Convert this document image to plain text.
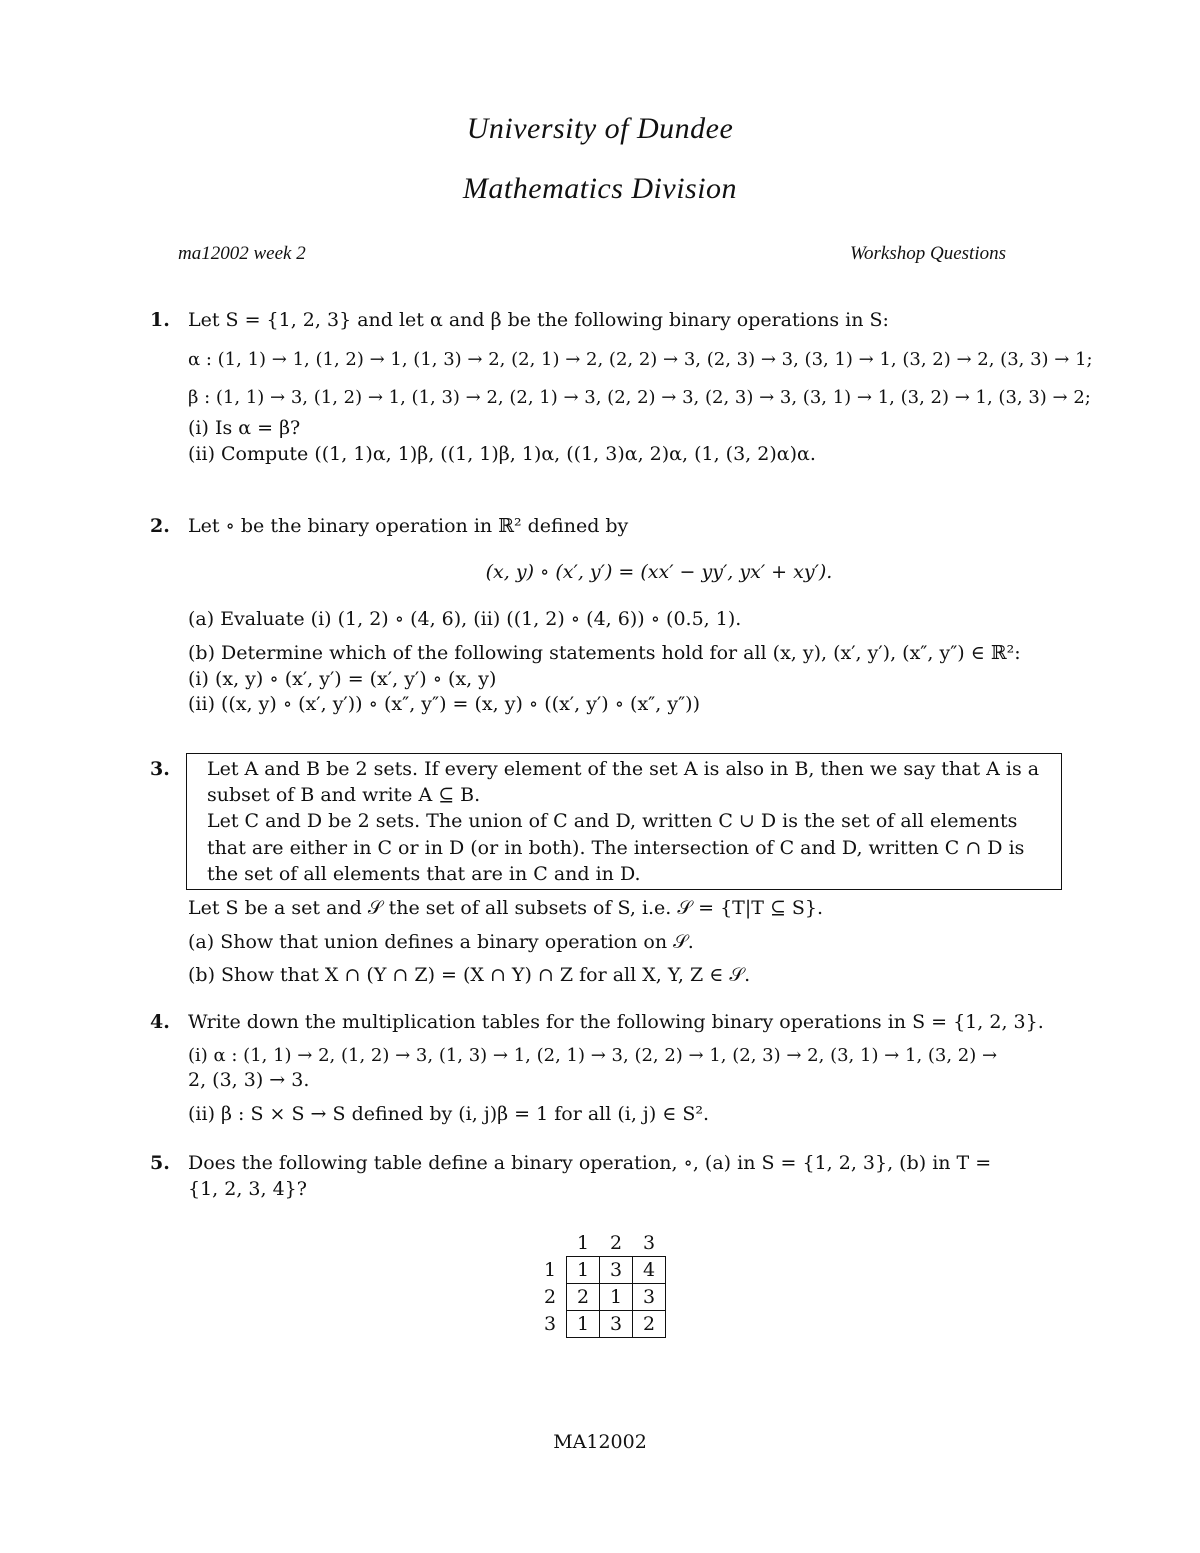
University of Dundee
Mathematics Division
ma12002 week 2	Workshop Questions
1. Let S = {1, 2, 3} and let α and β be the following binary operations in S:
α : (1, 1) → 1, (1, 2) → 1, (1, 3) → 2, (2, 1) → 2, (2, 2) → 3, (2, 3) → 3, (3, 1) → 1, (3, 2) → 2, (3, 3) → 1;
β : (1, 1) → 3, (1, 2) → 1, (1, 3) → 2, (2, 1) → 3, (2, 2) → 3, (2, 3) → 3, (3, 1) → 1, (3, 2) → 1, (3, 3) → 2;
(i) Is α = β?
(ii) Compute ((1, 1)α, 1)β, ((1, 1)β, 1)α, ((1, 3)α, 2)α, (1, (3, 2)α)α.
2. Let ∘ be the binary operation in ℝ² defined by
(x, y) ∘ (x′, y′) = (xx′ − yy′, yx′ + xy′).
(a) Evaluate (i) (1, 2) ∘ (4, 6), (ii) ((1, 2) ∘ (4, 6)) ∘ (0.5, 1).
(b) Determine which of the following statements hold for all (x, y), (x′, y′), (x″, y″) ∈ ℝ²:
(i) (x, y) ∘ (x′, y′) = (x′, y′) ∘ (x, y)
(ii) ((x, y) ∘ (x′, y′)) ∘ (x″, y″) = (x, y) ∘ ((x′, y′) ∘ (x″, y″))
3. Let A and B be 2 sets. If every element of the set A is also in B, then we say that A is a
subset of B and write A ⊆ B.
Let C and D be 2 sets. The union of C and D, written C ∪ D is the set of all elements
that are either in C or in D (or in both). The intersection of C and D, written C ∩ D is
the set of all elements that are in C and in D.
Let S be a set and 𝒮 the set of all subsets of S, i.e. 𝒮 = {T|T ⊆ S}.
(a) Show that union defines a binary operation on 𝒮.
(b) Show that X ∩ (Y ∩ Z) = (X ∩ Y) ∩ Z for all X, Y, Z ∈ 𝒮.
4. Write down the multiplication tables for the following binary operations in S = {1, 2, 3}.
(i) α : (1, 1) → 2, (1, 2) → 3, (1, 3) → 1, (2, 1) → 3, (2, 2) → 1, (2, 3) → 2, (3, 1) → 1, (3, 2) →
2, (3, 3) → 3.
(ii) β : S × S → S defined by (i, j)β = 1 for all (i, j) ∈ S².
5. Does the following table define a binary operation, ∘, (a) in S = {1, 2, 3}, (b) in T =
{1, 2, 3, 4}?
	1	2	3
1	1	3	4
2	2	1	3
3	1	3	2
MA12002
